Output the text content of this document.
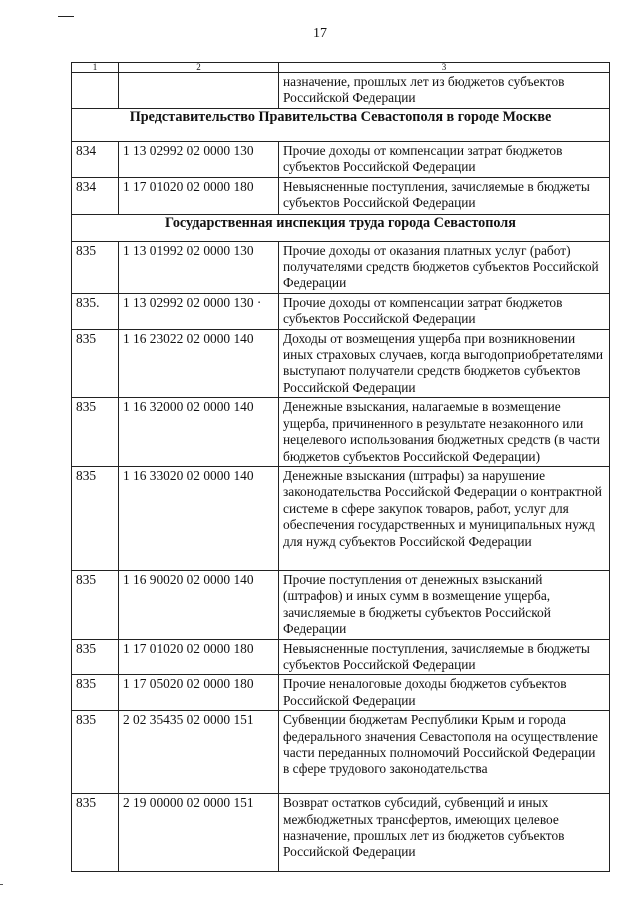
17
1	2	3
		назначение, прошлых лет из бюджетов субъектов Российской Федерации
Представительство Правительства Севастополя в городе Москве		
834	1 13 02992 02 0000 130	Прочие доходы от компенсации затрат бюджетов субъектов Российской Федерации
834	1 17 01020 02 0000 180	Невыясненные поступления, зачисляемые в бюджеты субъектов Российской Федерации
Государственная инспекция труда города Севастополя		
835	1 13 01992 02 0000 130	Прочие доходы от оказания платных услуг (работ) получателями средств бюджетов субъектов Российской Федерации
835.	1 13 02992 02 0000 130 ·	Прочие доходы от компенсации затрат бюджетов субъектов Российской Федерации
835	1 16 23022 02 0000 140	Доходы от возмещения ущерба при возникновении иных страховых случаев, когда выгодоприобретателями выступают получатели средств бюджетов субъектов Российской Федерации
835	1 16 32000 02 0000 140	Денежные взыскания, налагаемые в возмещение ущерба, причиненного в результате незаконного или нецелевого использования бюджетных средств (в части бюджетов субъектов Российской Федерации)
835	1 16 33020 02 0000 140	Денежные взыскания (штрафы) за нарушение законодательства Российской Федерации о контрактной системе в сфере закупок товаров, работ, услуг для обеспечения государственных и муниципальных нужд для нужд субъектов Российской Федерации
835	1 16 90020 02 0000 140	Прочие поступления от денежных взысканий (штрафов) и иных сумм в возмещение ущерба, зачисляемые в бюджеты субъектов Российской Федерации
835	1 17 01020 02 0000 180	Невыясненные поступления, зачисляемые в бюджеты субъектов Российской Федерации
835	1 17 05020 02 0000 180	Прочие неналоговые доходы бюджетов субъектов Российской Федерации
835	2 02 35435 02 0000 151	Субвенции бюджетам Республики Крым и города федерального значения Севастополя на осуществление части переданных полномочий Российской Федерации в сфере трудового законодательства
835	2 19 00000 02 0000 151	Возврат остатков субсидий, субвенций и иных межбюджетных трансфертов, имеющих целевое назначение, прошлых лет из бюджетов субъектов Российской Федерации
